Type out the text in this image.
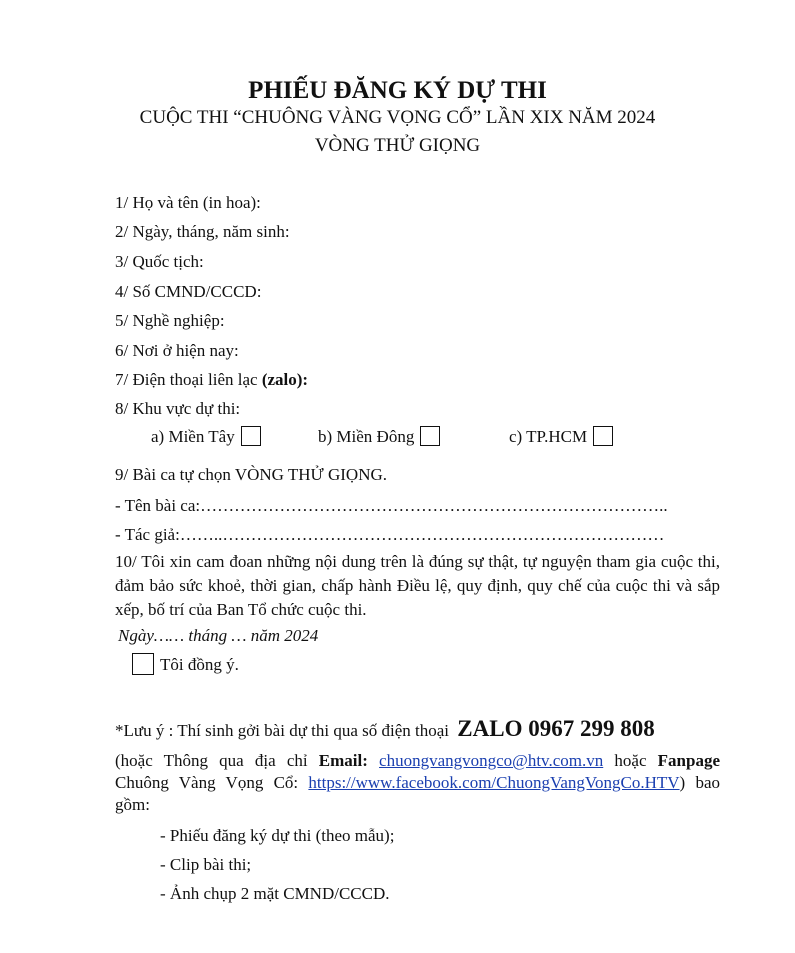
PHIẾU ĐĂNG KÝ DỰ THI
CUỘC THI “CHUÔNG VÀNG VỌNG CỔ” LẦN XIX NĂM 2024
VÒNG THỬ GIỌNG
1/ Họ và tên (in hoa):
2/ Ngày, tháng, năm sinh:
3/ Quốc tịch:
4/ Số CMND/CCCD:
5/ Nghề nghiệp:
6/ Nơi ở hiện nay:
7/ Điện thoại liên lạc (zalo):
8/ Khu vực dự thi:
a) Miền Tây	b) Miền Đông	c) TP.HCM
9/ Bài ca tự chọn VÒNG THỬ GIỌNG.
- Tên bài ca:………………………………………………………………………..
- Tác giả:……..……………………………………………………………………
10/ Tôi xin cam đoan những nội dung trên là đúng sự thật, tự nguyện tham gia cuộc thi, đảm bảo sức khoẻ, thời gian, chấp hành Điều lệ, quy định, quy chế của cuộc thi và sắp xếp, bố trí của Ban Tổ chức cuộc thi.
Ngày…… tháng … năm 2024
Tôi đồng ý.
*Lưu ý : Thí sinh gởi bài dự thi qua số điện thoại ZALO 0967 299 808
(hoặc Thông qua địa chỉ Email: chuongvangvongco@htv.com.vn hoặc Fanpage Chuông Vàng Vọng Cổ: https://www.facebook.com/ChuongVangVongCo.HTV) bao gồm:
- Phiếu đăng ký dự thi (theo mẫu);
- Clip bài thi;
- Ảnh chụp 2 mặt CMND/CCCD.
